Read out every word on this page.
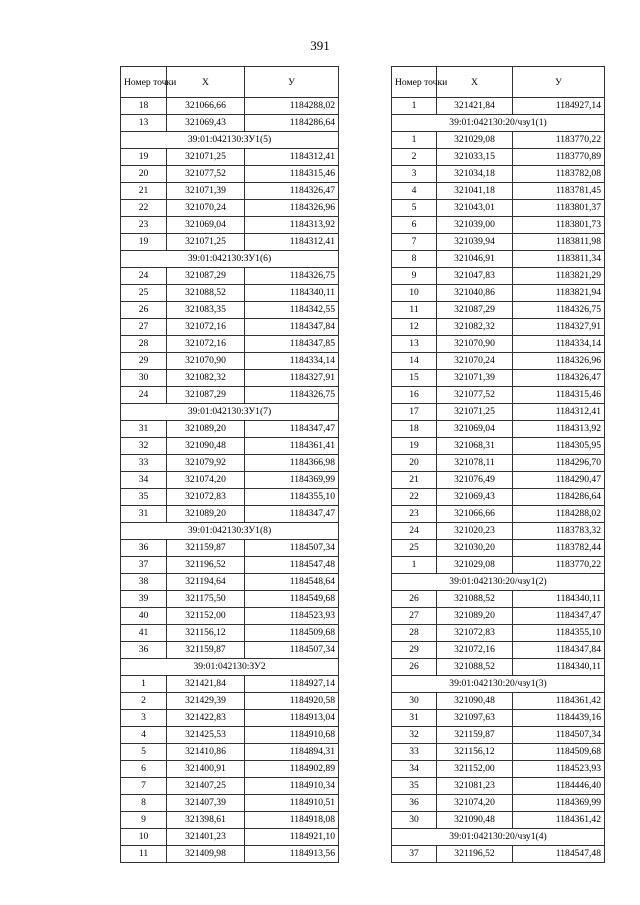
391
Номер точки	X	У
18	321066,66	1184288,02
13	321069,43	1184286,64
39:01:042130:ЗУ1(5)		
19	321071,25	1184312,41
20	321077,52	1184315,46
21	321071,39	1184326,47
22	321070,24	1184326,96
23	321069,04	1184313,92
19	321071,25	1184312,41
39:01:042130:ЗУ1(6)		
24	321087,29	1184326,75
25	321088,52	1184340,11
26	321083,35	1184342,55
27	321072,16	1184347,84
28	321072,16	1184347,85
29	321070,90	1184334,14
30	321082,32	1184327,91
24	321087,29	1184326,75
39:01:042130:ЗУ1(7)		
31	321089,20	1184347,47
32	321090,48	1184361,41
33	321079,92	1184366,98
34	321074,20	1184369,99
35	321072,83	1184355,10
31	321089,20	1184347,47
39:01:042130:ЗУ1(8)		
36	321159,87	1184507,34
37	321196,52	1184547,48
38	321194,64	1184548,64
39	321175,50	1184549,68
40	321152,00	1184523,93
41	321156,12	1184509,68
36	321159,87	1184507,34
39:01:042130:ЗУ2		
1	321421,84	1184927,14
2	321429,39	1184920,58
3	321422,83	1184913,04
4	321425,53	1184910,68
5	321410,86	1184894,31
6	321400,91	1184902,89
7	321407,25	1184910,34
8	321407,39	1184910,51
9	321398,61	1184918,08
10	321401,23	1184921,10
11	321409,98	1184913,56
Номер точки	X	У
1	321421,84	1184927,14
39:01:042130:20/чзу1(1)		
1	321029,08	1183770,22
2	321033,15	1183770,89
3	321034,18	1183782,08
4	321041,18	1183781,45
5	321043,01	1183801,37
6	321039,00	1183801,73
7	321039,94	1183811,98
8	321046,91	1183811,34
9	321047,83	1183821,29
10	321040,86	1183821,94
11	321087,29	1184326,75
12	321082,32	1184327,91
13	321070,90	1184334,14
14	321070,24	1184326,96
15	321071,39	1184326,47
16	321077,52	1184315,46
17	321071,25	1184312,41
18	321069,04	1184313,92
19	321068,31	1184305,95
20	321078,11	1184296,70
21	321076,49	1184290,47
22	321069,43	1184286,64
23	321066,66	1184288,02
24	321020,23	1183783,32
25	321030,20	1183782,44
1	321029,08	1183770,22
39:01:042130:20/чзу1(2)		
26	321088,52	1184340,11
27	321089,20	1184347,47
28	321072,83	1184355,10
29	321072,16	1184347,84
26	321088,52	1184340,11
39:01:042130:20/чзу1(3)		
30	321090,48	1184361,42
31	321097,63	1184439,16
32	321159,87	1184507,34
33	321156,12	1184509,68
34	321152,00	1184523,93
35	321081,23	1184446,40
36	321074,20	1184369,99
30	321090,48	1184361,42
39:01:042130:20/чзу1(4)		
37	321196,52	1184547,48
